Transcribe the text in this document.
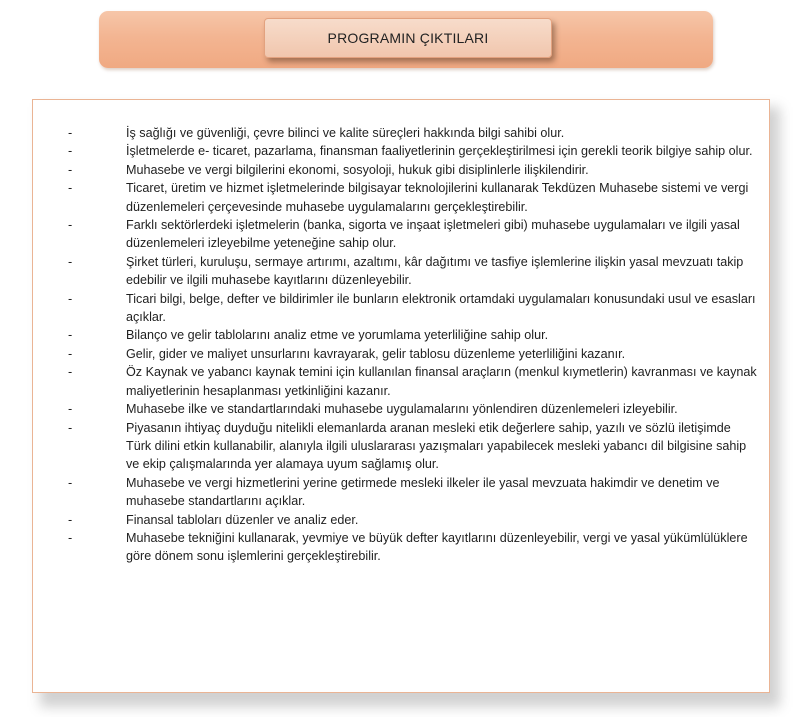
PROGRAMIN ÇIKTILARI
-	İş sağlığı ve güvenliği, çevre bilinci ve kalite süreçleri hakkında bilgi sahibi olur.
-	İşletmelerde e- ticaret, pazarlama, finansman faaliyetlerinin gerçekleştirilmesi için gerekli teorik bilgiye sahip olur.
-	Muhasebe ve vergi bilgilerini ekonomi, sosyoloji, hukuk gibi disiplinlerle ilişkilendirir.
-	Ticaret, üretim ve hizmet işletmelerinde bilgisayar teknolojilerini kullanarak Tekdüzen Muhasebe sistemi ve vergi düzenlemeleri çerçevesinde muhasebe uygulamalarını gerçekleştirebilir.
-	Farklı sektörlerdeki işletmelerin (banka, sigorta ve inşaat işletmeleri gibi) muhasebe uygulamaları ve ilgili yasal düzenlemeleri izleyebilme yeteneğine sahip olur.
-	Şirket türleri, kuruluşu, sermaye artırımı, azaltımı, kâr dağıtımı ve tasfiye işlemlerine ilişkin yasal mevzuatı takip edebilir ve ilgili muhasebe kayıtlarını düzenleyebilir.
-	Ticari bilgi, belge, defter ve bildirimler ile bunların elektronik ortamdaki uygulamaları konusundaki usul ve esasları açıklar.
-	Bilanço ve gelir tablolarını analiz etme ve yorumlama yeterliliğine sahip olur.
-	Gelir, gider ve maliyet unsurlarını kavrayarak, gelir tablosu düzenleme yeterliliğini kazanır.
-	Öz Kaynak ve yabancı kaynak temini için kullanılan finansal araçların (menkul kıymetlerin) kavranması ve kaynak maliyetlerinin hesaplanması yetkinliğini kazanır.
-	Muhasebe ilke ve standartlarındaki muhasebe uygulamalarını yönlendiren düzenlemeleri izleyebilir.
-	Piyasanın ihtiyaç duyduğu nitelikli elemanlarda aranan mesleki etik değerlere sahip, yazılı ve sözlü iletişimde Türk dilini etkin kullanabilir, alanıyla ilgili uluslararası yazışmaları yapabilecek mesleki yabancı dil bilgisine sahip ve ekip çalışmalarında yer alamaya uyum sağlamış olur.
-	Muhasebe ve vergi hizmetlerini yerine getirmede mesleki ilkeler ile yasal mevzuata hakimdir ve denetim ve muhasebe standartlarını açıklar.
-	Finansal tabloları düzenler ve analiz eder.
-	Muhasebe tekniğini kullanarak, yevmiye ve büyük defter kayıtlarını düzenleyebilir, vergi ve yasal yükümlülüklere göre dönem sonu işlemlerini gerçekleştirebilir.
